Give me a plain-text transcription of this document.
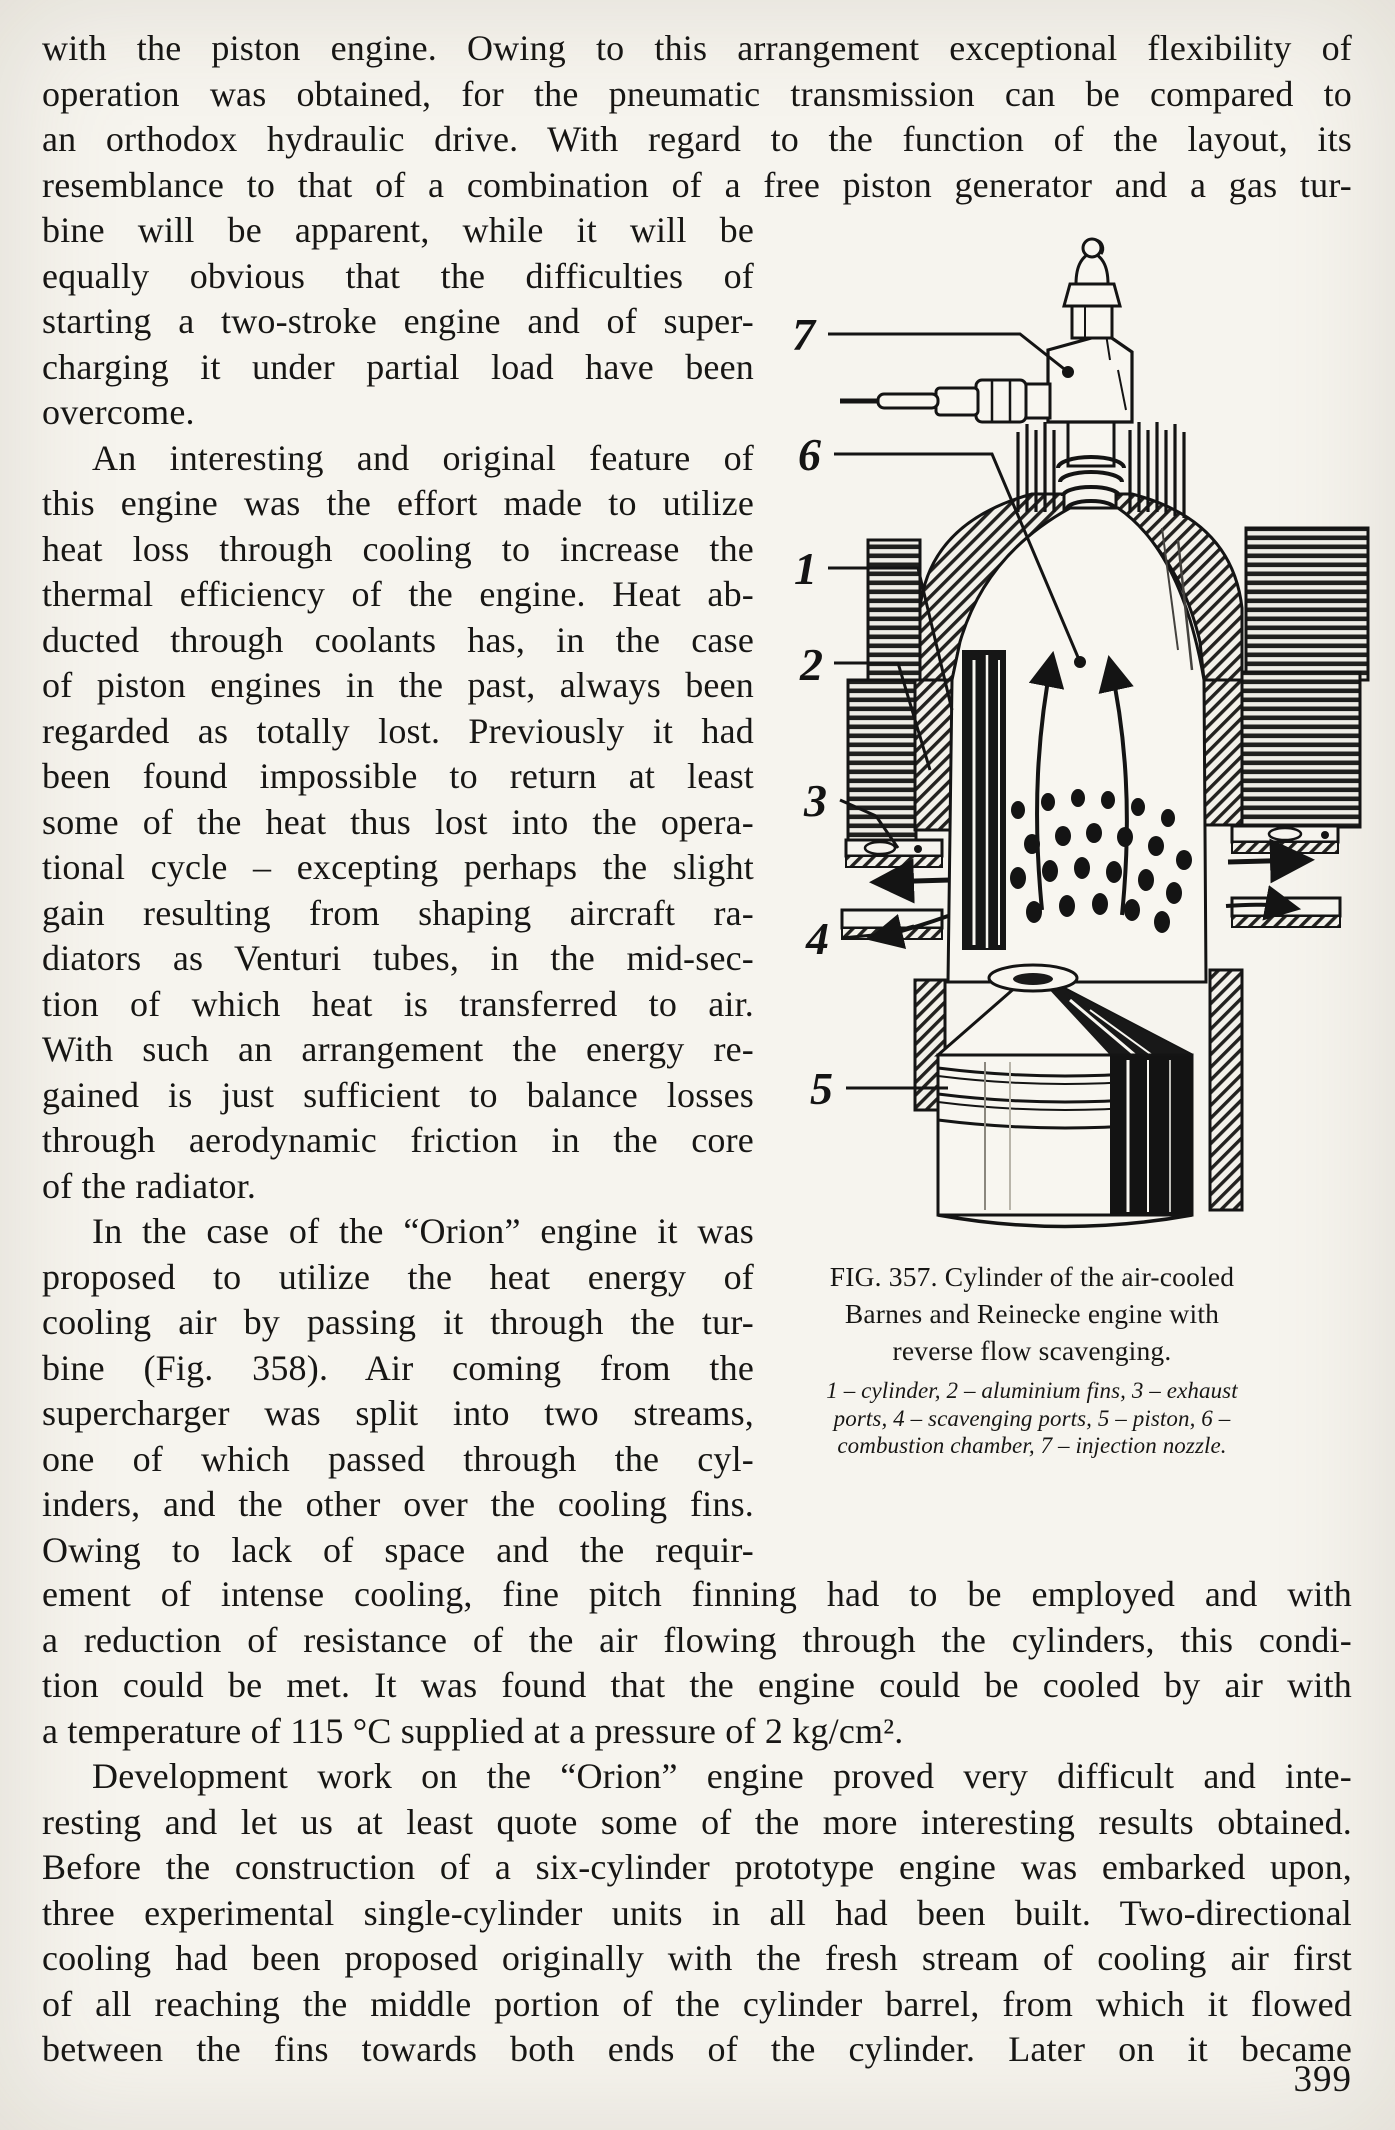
with the piston engine. Owing to this arrangement exceptional flexibility of
operation was obtained, for the pneumatic transmission can be compared to
an orthodox hydraulic drive. With regard to the function of the layout, its
resemblance to that of a combination of a free piston generator and a gas tur-
bine will be apparent, while it will be
equally obvious that the difficulties of
starting a two-stroke engine and of super-
charging it under partial load have been
overcome.
An interesting and original feature of
this engine was the effort made to utilize
heat loss through cooling to increase the
thermal efficiency of the engine. Heat ab-
ducted through coolants has, in the case
of piston engines in the past, always been
regarded as totally lost. Previously it had
been found impossible to return at least
some of the heat thus lost into the opera-
tional cycle – excepting perhaps the slight
gain resulting from shaping aircraft ra-
diators as Venturi tubes, in the mid-sec-
tion of which heat is transferred to air.
With such an arrangement the energy re-
gained is just sufficient to balance losses
through aerodynamic friction in the core
of the radiator.
In the case of the “Orion” engine it was
proposed to utilize the heat energy of
cooling air by passing it through the tur-
bine (Fig. 358). Air coming from the
supercharger was split into two streams,
one of which passed through the cyl-
inders, and the other over the cooling fins.
Owing to lack of space and the requir-
ement of intense cooling, fine pitch finning had to be employed and with
a reduction of resistance of the air flowing through the cylinders, this condi-
tion could be met. It was found that the engine could be cooled by air with
a temperature of 115 °C supplied at a pressure of 2 kg/cm².
Development work on the “Orion” engine proved very difficult and inte-
resting and let us at least quote some of the more interesting results obtained.
Before the construction of a six-cylinder prototype engine was embarked upon,
three experimental single-cylinder units in all had been built. Two-directional
cooling had been proposed originally with the fresh stream of cooling air first
of all reaching the middle portion of the cylinder barrel, from which it flowed
between the fins towards both ends of the cylinder. Later on it became
7
6
1
2
3
4
5
FIG. 357. Cylinder of the air-cooled
Barnes and Reinecke engine with
reverse flow scavenging.
1 – cylinder, 2 – aluminium fins, 3 – exhaust
ports, 4 – scavenging ports, 5 – piston, 6 –
combustion chamber, 7 – injection nozzle.
399
